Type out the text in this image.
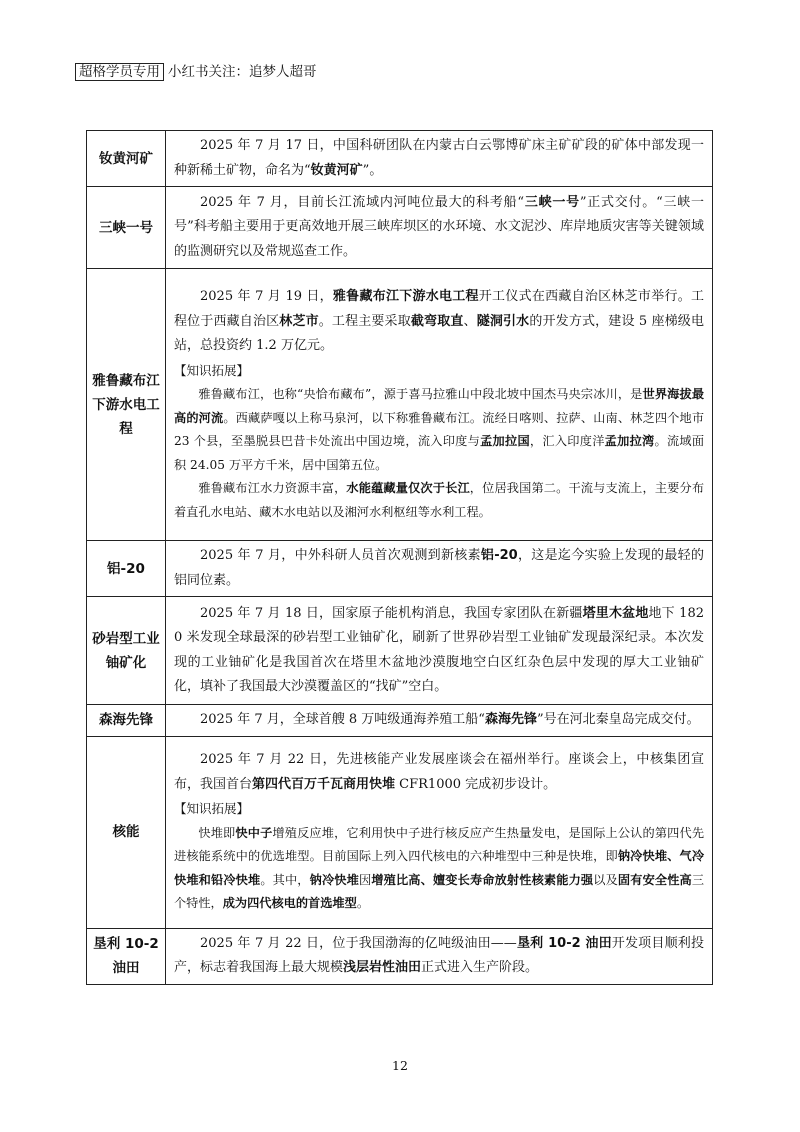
超格学员专用 小红书关注：追梦人超哥
钕黄河矿	2025 年 7 月 17 日，中国科研团队在内蒙古白云鄂博矿床主矿矿段的矿体中部发现一种新稀土矿物，命名为“钕黄河矿”。

三峡一号	2025 年 7 月，目前长江流域内河吨位最大的科考船“三峡一号”正式交付。“三峡一号”科考船主要用于更高效地开展三峡库坝区的水环境、水文泥沙、库岸地质灾害等关键领域的监测研究以及常规巡查工作。

雅鲁藏布江下游水电工程	2025 年 7 月 19 日，雅鲁藏布江下游水电工程开工仪式在西藏自治区林芝市举行。工程位于西藏自治区林芝市。工程主要采取截弯取直、隧洞引水的开发方式，建设 5 座梯级电站，总投资约 1.2 万亿元。

【知识拓展】

雅鲁藏布江，也称“央恰布藏布”，源于喜马拉雅山中段北坡中国杰马央宗冰川，是世界海拔最高的河流。西藏萨嘎以上称马泉河，以下称雅鲁藏布江。流经日喀则、拉萨、山南、林芝四个地市 23 个县，至墨脱县巴昔卡处流出中国边境，流入印度与孟加拉国，汇入印度洋孟加拉湾。流域面积 24.05 万平方千米，居中国第五位。

雅鲁藏布江水力资源丰富，水能蕴藏量仅次于长江，位居我国第二。干流与支流上，主要分布着直孔水电站、藏木水电站以及湘河水利枢纽等水利工程。

铝-20	2025 年 7 月，中外科研人员首次观测到新核素铝-20，这是迄今实验上发现的最轻的铝同位素。

砂岩型工业铀矿化	2025 年 7 月 18 日，国家原子能机构消息，我国专家团队在新疆塔里木盆地地下 1820 米发现全球最深的砂岩型工业铀矿化，刷新了世界砂岩型工业铀矿发现最深纪录。本次发现的工业铀矿化是我国首次在塔里木盆地沙漠腹地空白区红杂色层中发现的厚大工业铀矿化，填补了我国最大沙漠覆盖区的“找矿”空白。

森海先锋	2025 年 7 月，全球首艘 8 万吨级通海养殖工船“森海先锋”号在河北秦皇岛完成交付。

核能	2025 年 7 月 22 日，先进核能产业发展座谈会在福州举行。座谈会上，中核集团宣布，我国首台第四代百万千瓦商用快堆 CFR1000 完成初步设计。

【知识拓展】

快堆即快中子增殖反应堆，它利用快中子进行核反应产生热量发电，是国际上公认的第四代先进核能系统中的优选堆型。目前国际上列入四代核电的六种堆型中三种是快堆，即钠冷快堆、气冷快堆和铅冷快堆。其中，钠冷快堆因增殖比高、嬗变长寿命放射性核素能力强以及固有安全性高三个特性，成为四代核电的首选堆型。

垦利 10-2 油田	2025 年 7 月 22 日，位于我国渤海的亿吨级油田——垦利 10-2 油田开发项目顺利投产，标志着我国海上最大规模浅层岩性油田正式进入生产阶段。

12
